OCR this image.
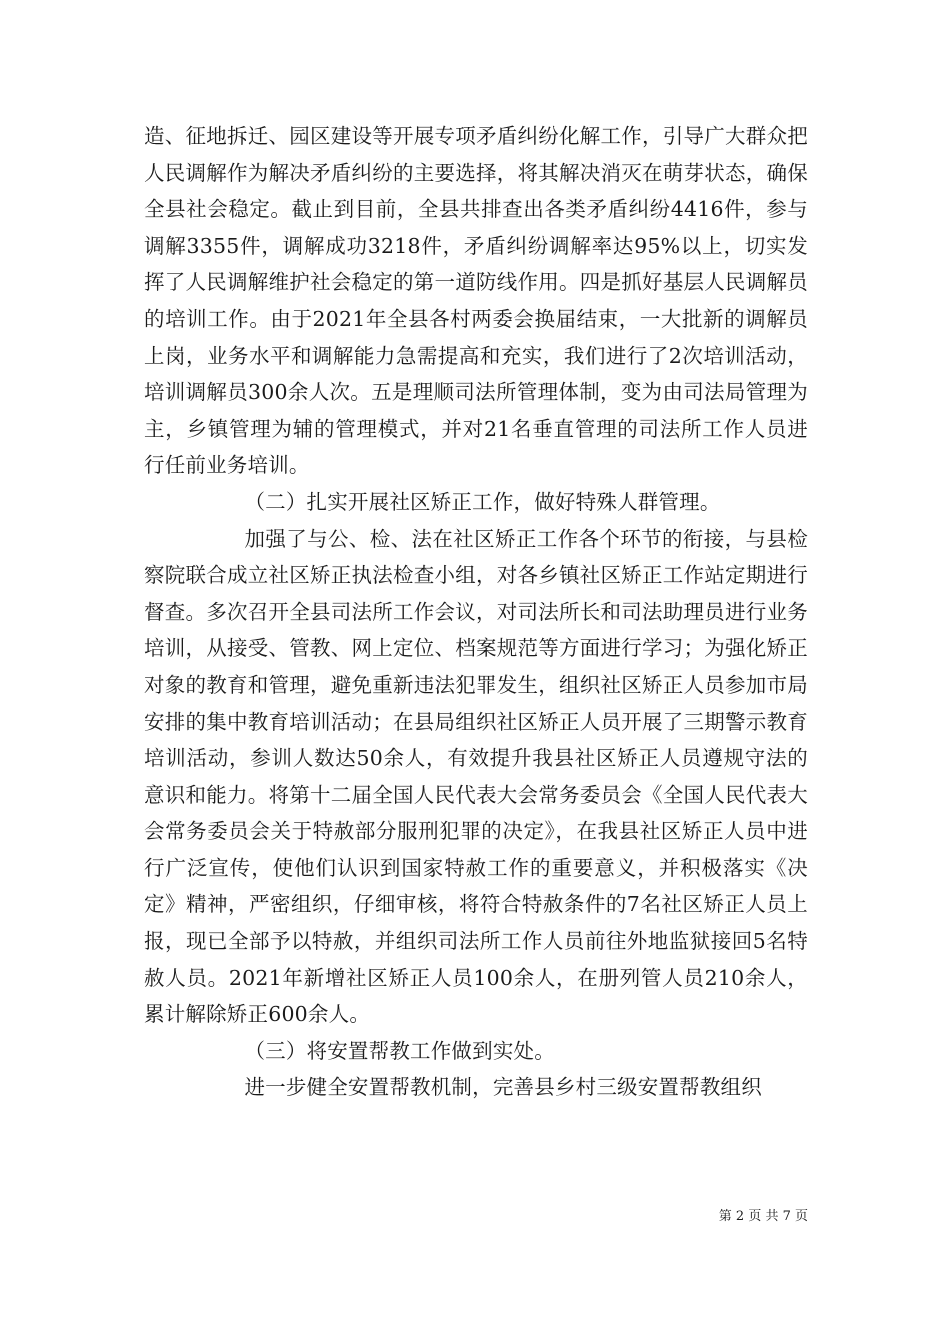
造、征地拆迁、园区建设等开展专项矛盾纠纷化解工作，引导广大群众把人民调解作为解决矛盾纠纷的主要选择，将其解决消灭在萌芽状态，确保全县社会稳定。截止到目前，全县共排查出各类矛盾纠纷4416件，参与调解3355件，调解成功3218件，矛盾纠纷调解率达95%以上，切实发挥了人民调解维护社会稳定的第一道防线作用。四是抓好基层人民调解员的培训工作。由于2021年全县各村两委会换届结束，一大批新的调解员上岗，业务水平和调解能力急需提高和充实，我们进行了2次培训活动，培训调解员300余人次。五是理顺司法所管理体制，变为由司法局管理为主，乡镇管理为辅的管理模式，并对21名垂直管理的司法所工作人员进行任前业务培训。

（二）扎实开展社区矫正工作，做好特殊人群管理。

加强了与公、检、法在社区矫正工作各个环节的衔接，与县检察院联合成立社区矫正执法检查小组，对各乡镇社区矫正工作站定期进行督查。多次召开全县司法所工作会议，对司法所长和司法助理员进行业务培训，从接受、管教、网上定位、档案规范等方面进行学习；为强化矫正对象的教育和管理，避免重新违法犯罪发生，组织社区矫正人员参加市局安排的集中教育培训活动；在县局组织社区矫正人员开展了三期警示教育培训活动，参训人数达50余人，有效提升我县社区矫正人员遵规守法的意识和能力。将第十二届全国人民代表大会常务委员会《全国人民代表大会常务委员会关于特赦部分服刑犯罪的决定》，在我县社区矫正人员中进行广泛宣传，使他们认识到国家特赦工作的重要意义，并积极落实《决定》精神，严密组织，仔细审核，将符合特赦条件的7名社区矫正人员上报，现已全部予以特赦，并组织司法所工作人员前往外地监狱接回5名特赦人员。2021年新增社区矫正人员100余人，在册列管人员210余人，累计解除矫正600余人。

（三）将安置帮教工作做到实处。

进一步健全安置帮教机制，完善县乡村三级安置帮教组织

第 2 页 共 7 页
